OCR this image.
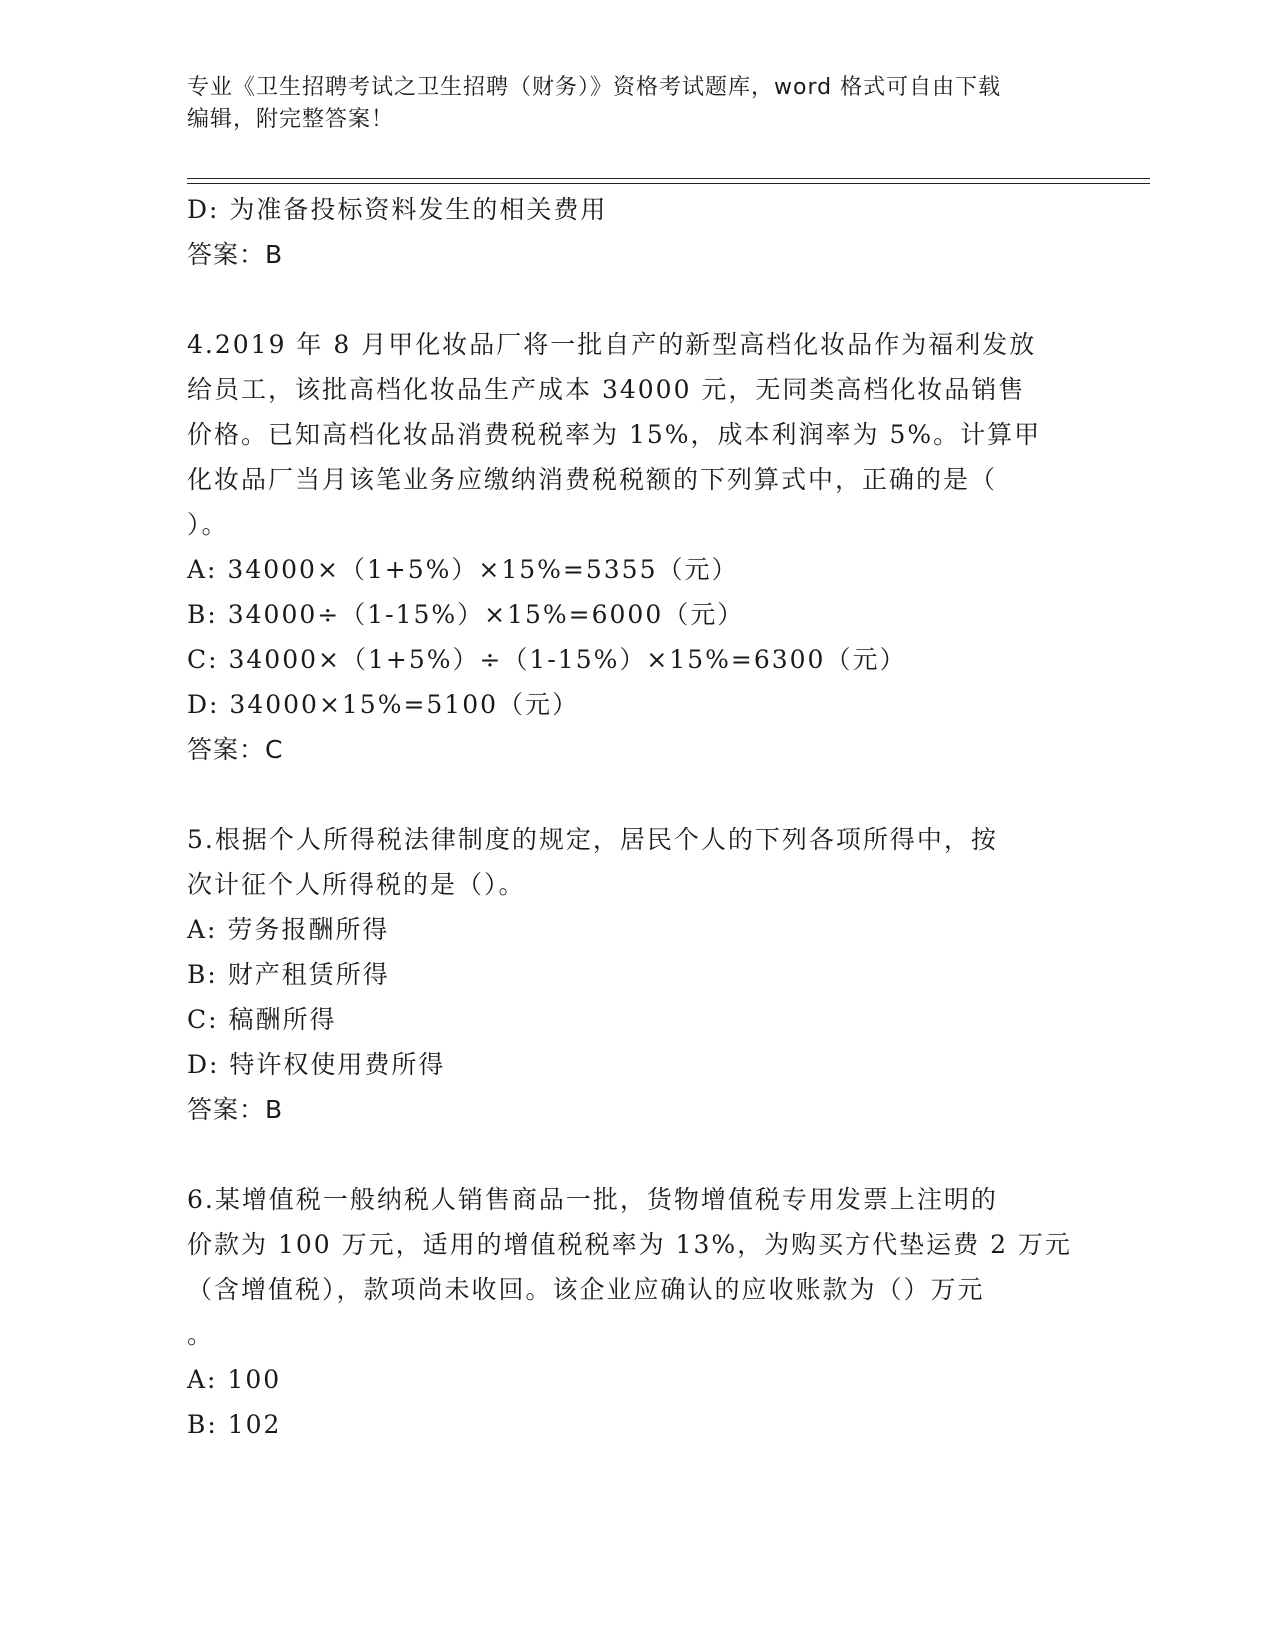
专业《卫生招聘考试之卫生招聘（财务）》资格考试题库，word 格式可自由下载
编辑，附完整答案！
D: 为准备投标资料发生的相关费用
答案：B
4.2019 年 8 月甲化妆品厂将一批自产的新型高档化妆品作为福利发放
给员工，该批高档化妆品生产成本 34000 元，无同类高档化妆品销售
价格。已知高档化妆品消费税税率为 15%，成本利润率为 5%。计算甲
化妆品厂当月该笔业务应缴纳消费税税额的下列算式中，正确的是（
）。
A: 34000×（1+5%）×15%=5355（元）
B: 34000÷（1-15%）×15%=6000（元）
C: 34000×（1+5%）÷（1-15%）×15%=6300（元）
D: 34000×15%=5100（元）
答案：C
5.根据个人所得税法律制度的规定，居民个人的下列各项所得中，按
次计征个人所得税的是（）。
A: 劳务报酬所得
B: 财产租赁所得
C: 稿酬所得
D: 特许权使用费所得
答案：B
6.某增值税一般纳税人销售商品一批，货物增值税专用发票上注明的
价款为 100 万元，适用的增值税税率为 13%，为购买方代垫运费 2 万元
（含增值税），款项尚未收回。该企业应确认的应收账款为（）万元
。
A: 100
B: 102
